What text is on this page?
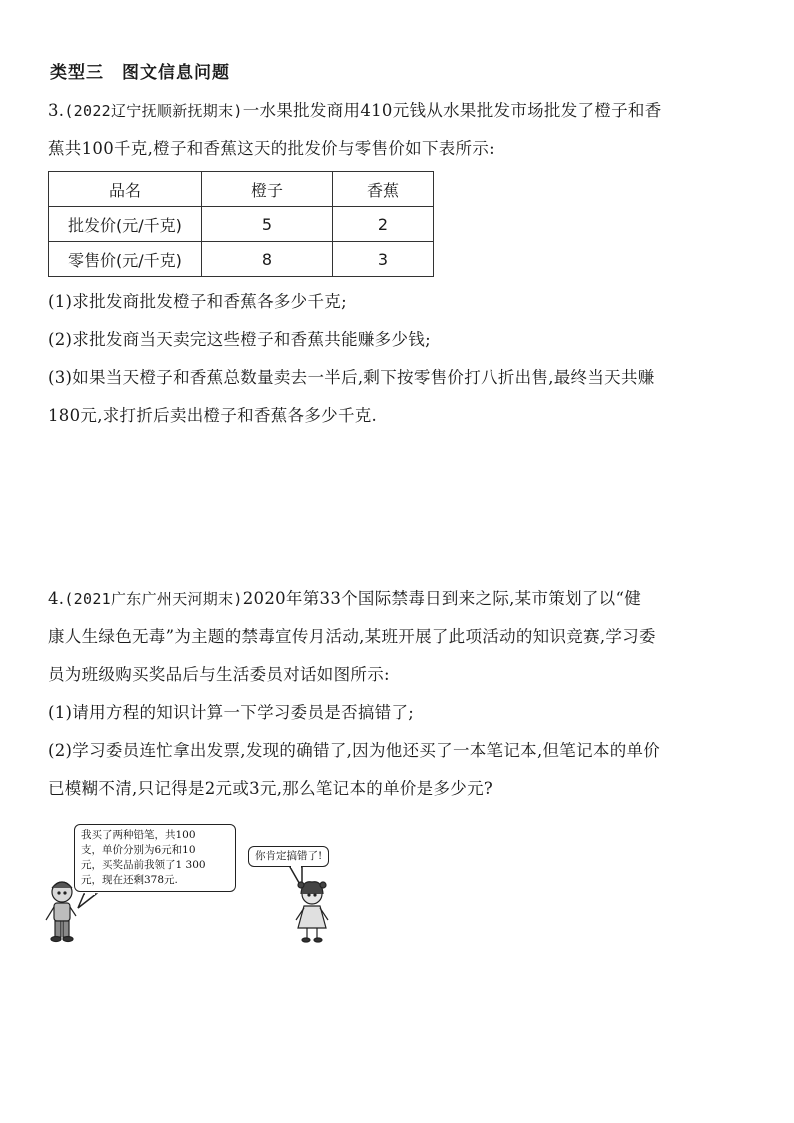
类型三　图文信息问题
3.(2022辽宁抚顺新抚期末)一水果批发商用410元钱从水果批发市场批发了橙子和香
蕉共100千克,橙子和香蕉这天的批发价与零售价如下表所示:
品名	橙子	香蕉
批发价(元/千克)	5	2
零售价(元/千克)	8	3
(1)求批发商批发橙子和香蕉各多少千克;
(2)求批发商当天卖完这些橙子和香蕉共能赚多少钱;
(3)如果当天橙子和香蕉总数量卖去一半后,剩下按零售价打八折出售,最终当天共赚
180元,求打折后卖出橙子和香蕉各多少千克.
4.(2021广东广州天河期末)2020年第33个国际禁毒日到来之际,某市策划了以“健
康人生绿色无毒”为主题的禁毒宣传月活动,某班开展了此项活动的知识竞赛,学习委
员为班级购买奖品后与生活委员对话如图所示:
(1)请用方程的知识计算一下学习委员是否搞错了;
(2)学习委员连忙拿出发票,发现的确错了,因为他还买了一本笔记本,但笔记本的单价
已模糊不清,只记得是2元或3元,那么笔记本的单价是多少元?
我买了两种铅笔，共100
支，单价分别为6元和10
元，买奖品前我领了1 300
元，现在还剩378元.
你肯定搞错了!
